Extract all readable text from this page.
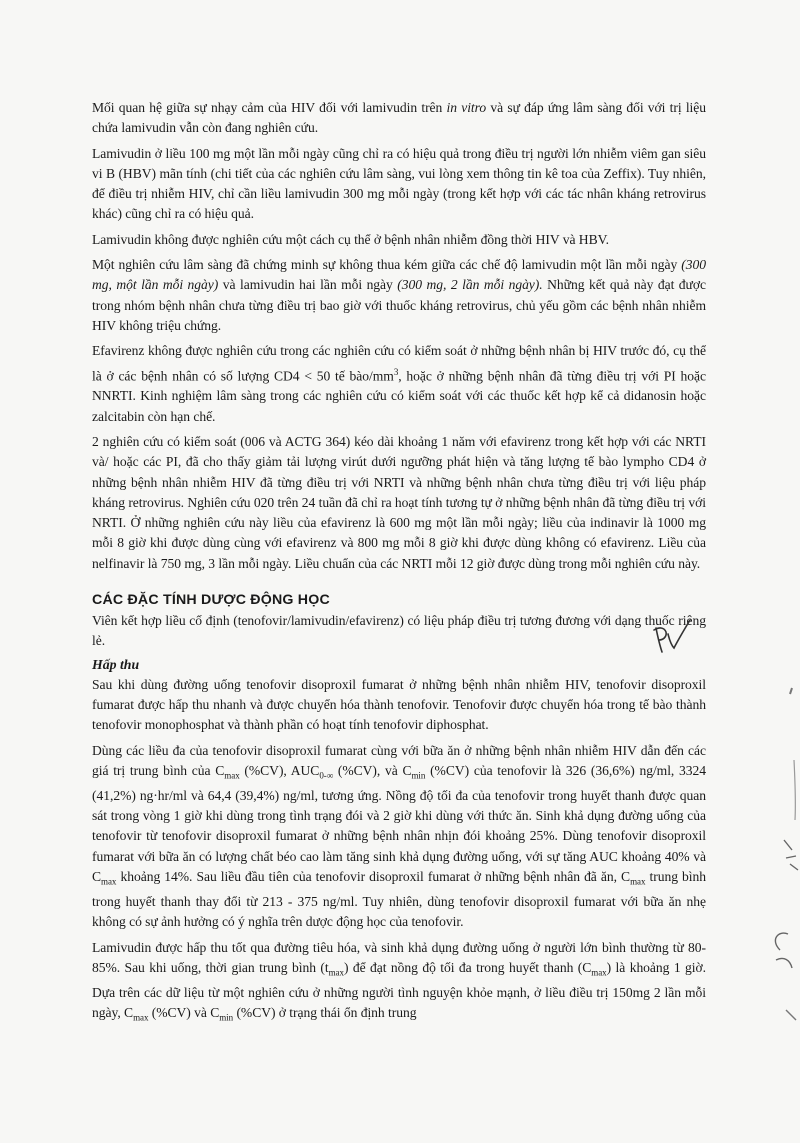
Mối quan hệ giữa sự nhạy cảm của HIV đối với lamivudin trên in vitro và sự đáp ứng lâm sàng đối với trị liệu chứa lamivudin vẫn còn đang nghiên cứu.

Lamivudin ở liều 100 mg một lần mỗi ngày cũng chỉ ra có hiệu quả trong điều trị người lớn nhiễm viêm gan siêu vi B (HBV) mãn tính (chi tiết của các nghiên cứu lâm sàng, vui lòng xem thông tin kê toa của Zeffix). Tuy nhiên, để điều trị nhiễm HIV, chỉ cần liều lamivudin 300 mg mỗi ngày (trong kết hợp với các tác nhân kháng retrovirus khác) cũng chỉ ra có hiệu quả.

Lamivudin không được nghiên cứu một cách cụ thể ở bệnh nhân nhiễm đồng thời HIV và HBV.

Một nghiên cứu lâm sàng đã chứng minh sự không thua kém giữa các chế độ lamivudin một lần mỗi ngày (300 mg, một lần mỗi ngày) và lamivudin hai lần mỗi ngày (300 mg, 2 lần mỗi ngày). Những kết quả này đạt được trong nhóm bệnh nhân chưa từng điều trị bao giờ với thuốc kháng retrovirus, chủ yếu gồm các bệnh nhân nhiễm HIV không triệu chứng.

Efavirenz không được nghiên cứu trong các nghiên cứu có kiểm soát ở những bệnh nhân bị HIV trước đó, cụ thể là ở các bệnh nhân có số lượng CD4 < 50 tế bào/$mm^3$, hoặc ở những bệnh nhân đã từng điều trị với PI hoặc NNRTI. Kinh nghiệm lâm sàng trong các nghiên cứu có kiểm soát với các thuốc kết hợp kể cả didanosin hoặc zalcitabin còn hạn chế.

2 nghiên cứu có kiểm soát (006 và ACTG 364) kéo dài khoảng 1 năm với efavirenz trong kết hợp với các NRTI và/ hoặc các PI, đã cho thấy giảm tải lượng virút dưới ngưỡng phát hiện và tăng lượng tế bào lympho CD4 ở những bệnh nhân nhiễm HIV đã từng điều trị với NRTI và những bệnh nhân chưa từng điều trị với liệu pháp kháng retrovirus. Nghiên cứu 020 trên 24 tuần đã chỉ ra hoạt tính tương tự ở những bệnh nhân đã từng điều trị với NRTI. Ở những nghiên cứu này liều của efavirenz là 600 mg một lần mỗi ngày; liều của indinavir là 1000 mg mỗi 8 giờ khi được dùng cùng với efavirenz và 800 mg mỗi 8 giờ khi được dùng không có efavirenz. Liều của nelfinavir là 750 mg, 3 lần mỗi ngày. Liều chuẩn của các NRTI mỗi 12 giờ được dùng trong mỗi nghiên cứu này.

CÁC ĐẶC TÍNH DƯỢC ĐỘNG HỌC

Viên kết hợp liều cố định (tenofovir/lamivudin/efavirenz) có liệu pháp điều trị tương đương với dạng thuốc riêng lẻ.

Hấp thu

Sau khi dùng đường uống tenofovir disoproxil fumarat ở những bệnh nhân nhiễm HIV, tenofovir disoproxil fumarat được hấp thu nhanh và được chuyển hóa thành tenofovir. Tenofovir được chuyển hóa trong tế bào thành tenofovir monophosphat và thành phần có hoạt tính tenofovir diphosphat.

Dùng các liều đa của tenofovir disoproxil fumarat cùng với bữa ăn ở những bệnh nhân nhiễm HIV dẫn đến các giá trị trung bình của $C_{max}$ (%CV), $AUC_{0-\infty}$ (%CV), và $C_{min}$ (%CV) của tenofovir là 326 (36,6%) ng/ml, 3324 (41,2%) ng·hr/ml và 64,4 (39,4%) ng/ml, tương ứng. Nồng độ tối đa của tenofovir trong huyết thanh được quan sát trong vòng 1 giờ khi dùng trong tình trạng đói và 2 giờ khi dùng với thức ăn. Sinh khả dụng đường uống của tenofovir từ tenofovir disoproxil fumarat ở những bệnh nhân nhịn đói khoảng 25%. Dùng tenofovir disoproxil fumarat với bữa ăn có lượng chất béo cao làm tăng sinh khả dụng đường uống, với sự tăng AUC khoảng 40% và $C_{max}$ khoảng 14%. Sau liều đầu tiên của tenofovir disoproxil fumarat ở những bệnh nhân đã ăn, $C_{max}$ trung bình trong huyết thanh thay đổi từ 213 - 375 ng/ml. Tuy nhiên, dùng tenofovir disoproxil fumarat với bữa ăn nhẹ không có sự ảnh hưởng có ý nghĩa trên dược động học của tenofovir.

Lamivudin được hấp thu tốt qua đường tiêu hóa, và sinh khả dụng đường uống ở người lớn bình thường từ 80-85%. Sau khi uống, thời gian trung bình $(t_{max})$ để đạt nồng độ tối đa trong huyết thanh $(C_{max})$ là khoảng 1 giờ. Dựa trên các dữ liệu từ một nghiên cứu ở những người tình nguyện khỏe mạnh, ở liều điều trị 150mg 2 lần mỗi ngày, $C_{max}$ (%CV) và $C_{min}$ (%CV) ở trạng thái ổn định trung
